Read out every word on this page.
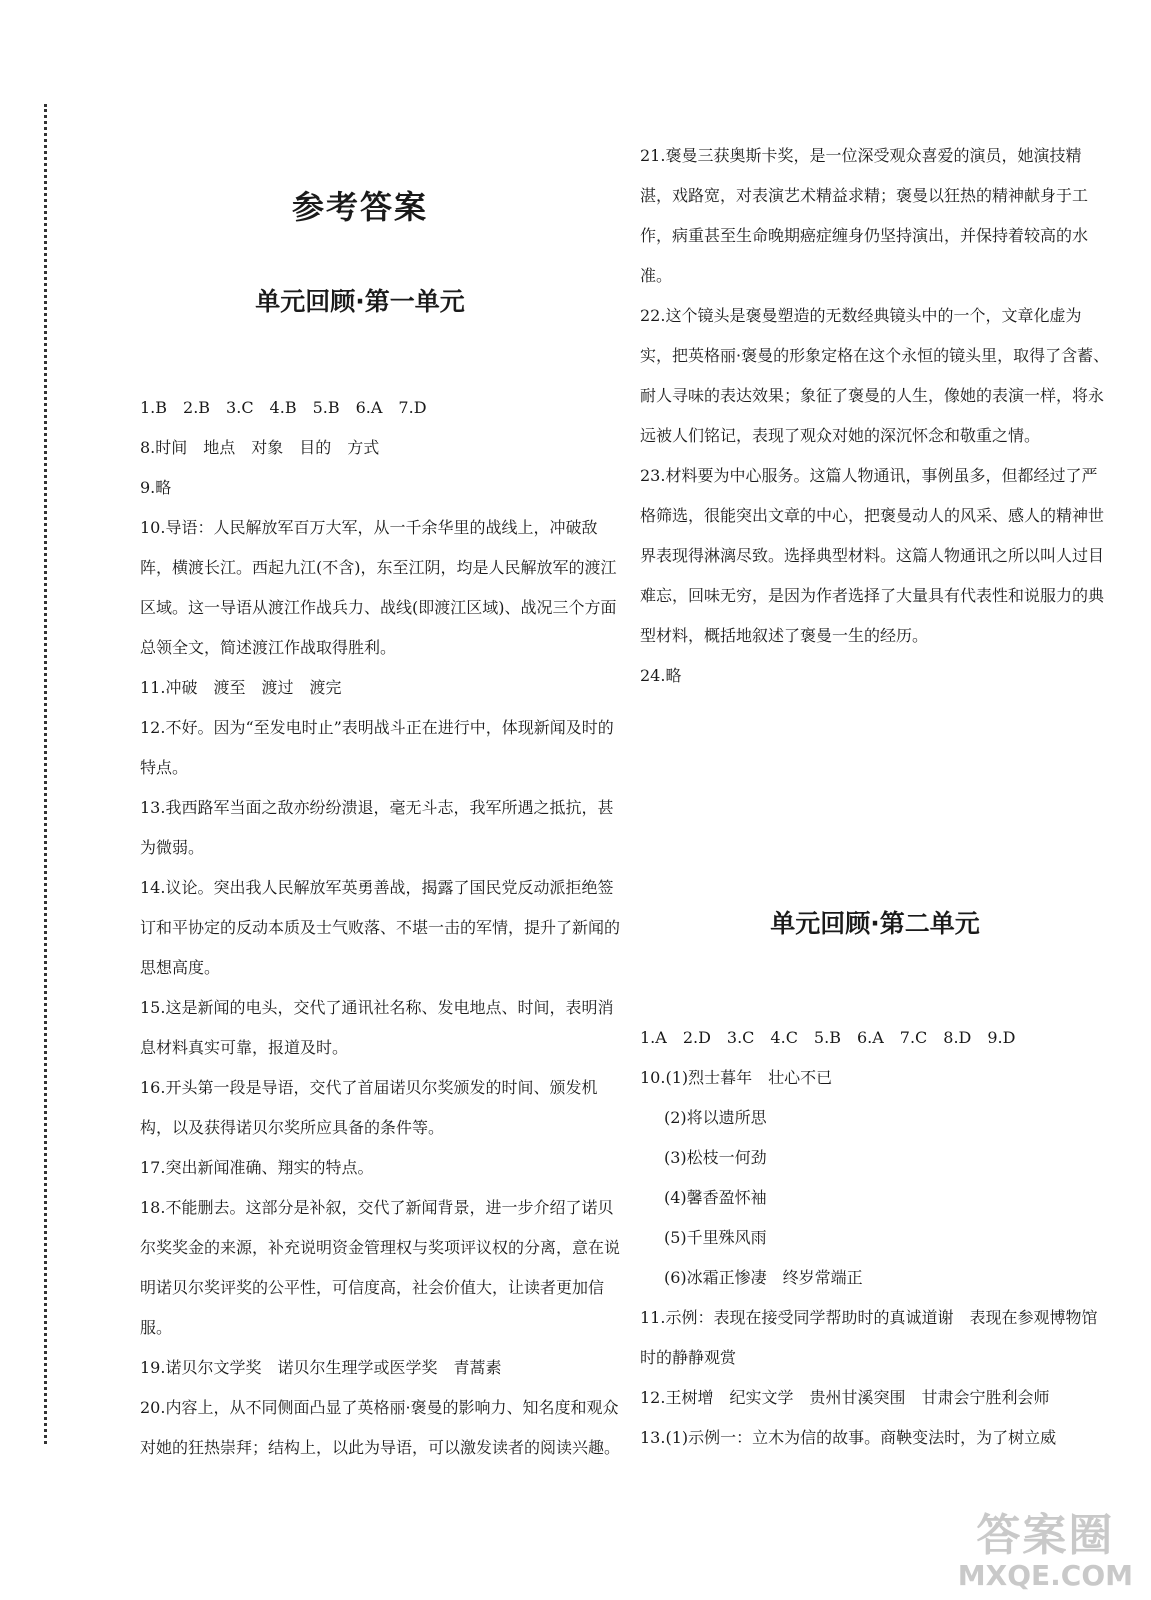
参考答案
单元回顾·第一单元

1.B　2.B　3.C　4.B　5.B　6.A　7.D

8.时间　地点　对象　目的　方式

9.略

10.导语：人民解放军百万大军，从一千余华里的战线上，冲破敌阵，横渡长江。西起九江(不含)，东至江阴，均是人民解放军的渡江区域。这一导语从渡江作战兵力、战线(即渡江区域)、战况三个方面总领全文，简述渡江作战取得胜利。

11.冲破　渡至　渡过　渡完

12.不好。因为“至发电时止”表明战斗正在进行中，体现新闻及时的特点。

13.我西路军当面之敌亦纷纷溃退，毫无斗志，我军所遇之抵抗，甚为微弱。

14.议论。突出我人民解放军英勇善战，揭露了国民党反动派拒绝签订和平协定的反动本质及士气败落、不堪一击的军情，提升了新闻的思想高度。

15.这是新闻的电头，交代了通讯社名称、发电地点、时间，表明消息材料真实可靠，报道及时。

16.开头第一段是导语，交代了首届诺贝尔奖颁发的时间、颁发机构，以及获得诺贝尔奖所应具备的条件等。

17.突出新闻准确、翔实的特点。

18.不能删去。这部分是补叙，交代了新闻背景，进一步介绍了诺贝尔奖奖金的来源，补充说明资金管理权与奖项评议权的分离，意在说明诺贝尔奖评奖的公平性，可信度高，社会价值大，让读者更加信服。

19.诺贝尔文学奖　诺贝尔生理学或医学奖　青蒿素

20.内容上，从不同侧面凸显了英格丽·褒曼的影响力、知名度和观众对她的狂热崇拜；结构上，以此为导语，可以激发读者的阅读兴趣。

21.褒曼三获奥斯卡奖，是一位深受观众喜爱的演员，她演技精湛，戏路宽，对表演艺术精益求精；褒曼以狂热的精神献身于工作，病重甚至生命晚期癌症缠身仍坚持演出，并保持着较高的水准。

22.这个镜头是褒曼塑造的无数经典镜头中的一个，文章化虚为实，把英格丽·褒曼的形象定格在这个永恒的镜头里，取得了含蓄、耐人寻味的表达效果；象征了褒曼的人生，像她的表演一样，将永远被人们铭记，表现了观众对她的深沉怀念和敬重之情。

23.材料要为中心服务。这篇人物通讯，事例虽多，但都经过了严格筛选，很能突出文章的中心，把褒曼动人的风采、感人的精神世界表现得淋漓尽致。选择典型材料。这篇人物通讯之所以叫人过目难忘，回味无穷，是因为作者选择了大量具有代表性和说服力的典型材料，概括地叙述了褒曼一生的经历。

24.略

单元回顾·第二单元

1.A　2.D　3.C　4.C　5.B　6.A　7.C　8.D　9.D

10.(1)烈士暮年　壮心不已

(2)将以遗所思

(3)松枝一何劲

(4)馨香盈怀袖

(5)千里殊风雨

(6)冰霜正惨凄　终岁常端正

11.示例：表现在接受同学帮助时的真诚道谢　表现在参观博物馆时的静静观赏

12.王树增　纪实文学　贵州甘溪突围　甘肃会宁胜利会师

13.(1)示例一：立木为信的故事。商鞅变法时，为了树立威

答案圈
MXQE.COM
